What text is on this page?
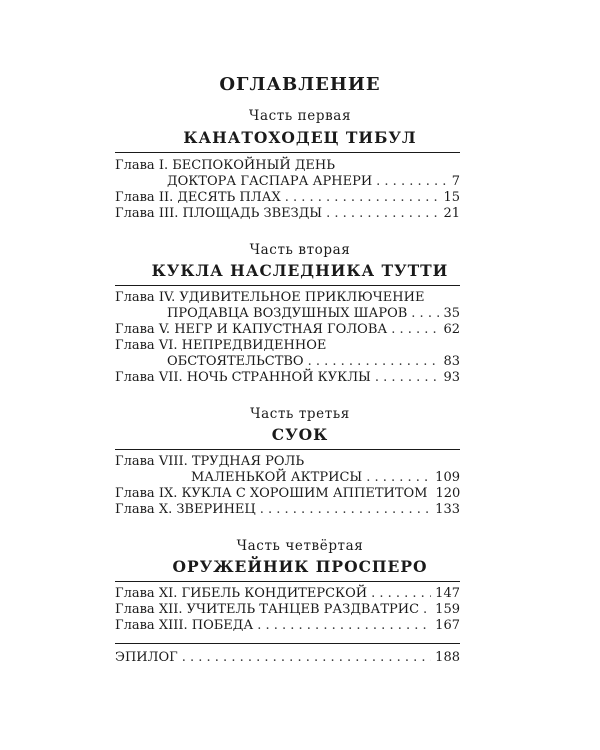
ОГЛАВЛЕНИЕ
Часть первая
КАНАТОХОДЕЦ ТИБУЛ
Глава I. БЕСПОКОЙНЫЙ ДЕНЬ
ДОКТОРА ГАСПАРА АРНЕРИ . . .	7
Глава II. ДЕСЯТЬ ПЛАХ . . .	15
Глава III. ПЛОЩАДЬ ЗВЕЗДЫ . . .	21
Часть вторая
КУКЛА НАСЛЕДНИКА ТУТТИ
Глава IV. УДИВИТЕЛЬНОЕ ПРИКЛЮЧЕНИЕ
ПРОДАВЦА ВОЗДУШНЫХ ШАРОВ . . .	35
Глава V. НЕГР И КАПУСТНАЯ ГОЛОВА . . .	62
Глава VI. НЕПРЕДВИДЕННОЕ
ОБСТОЯТЕЛЬСТВО . . .	83
Глава VII. НОЧЬ СТРАННОЙ КУКЛЫ . . .	93
Часть третья
СУОК
Глава VIII. ТРУДНАЯ РОЛЬ
МАЛЕНЬКОЙ АКТРИСЫ . . .	109
Глава IX. КУКЛА С ХОРОШИМ АППЕТИТОМ 120
Глава X. ЗВЕРИНЕЦ . . .	133
Часть четвёртая
ОРУЖЕЙНИК ПРОСПЕРО
Глава XI. ГИБЕЛЬ КОНДИТЕРСКОЙ . . .	147
Глава XII. УЧИТЕЛЬ ТАНЦЕВ РАЗДВАТРИС . . . 159
Глава XIII. ПОБЕДА . . .	167
ЭПИЛОГ . . .	188
